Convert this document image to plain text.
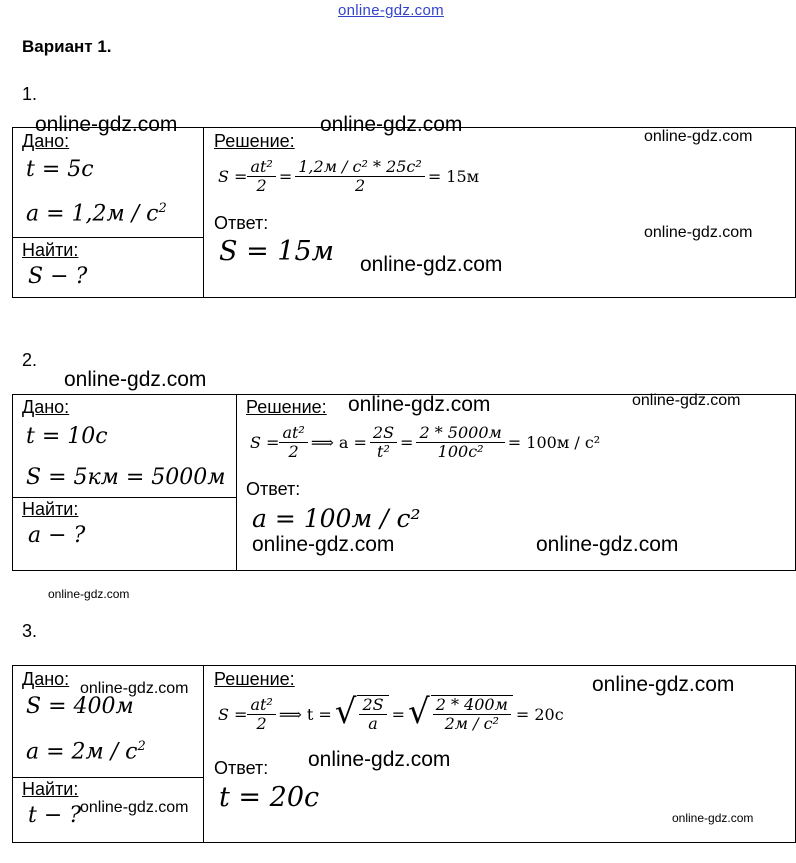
online-gdz.com
Вариант 1.
1.
Дано:
t = 5c
$a = 1,2м / c^2$
Найти:
S − ?
Решение:
$S = \frac{\text{at²}}{2} = \frac{\text{1,2м / c² * 25c²}}{2} = 15м$
Ответ:
S = 15м
online-gdz.com	online-gdz.com
online-gdz.com
online-gdz.com
online-gdz.com
2.
Дано:
t = 10c
S = 5км = 5000м
Найти:
a − ?
Решение:
$S = \frac{\text{at²}}{2}$ ⟹ $a = \frac{2S}{\text{t²}} = \frac{2 * 5000м}{\text{100c²}} = 100м / c^2$
Ответ:
a = 100м / c²
online-gdz.com
online-gdz.com	online-gdz.com
online-gdz.com	online-gdz.com
online-gdz.com
3.
Дано:
S = 400м
$a = 2м / c^2$
Найти:
t − ?
Решение:
$S = \frac{\text{at²}}{2}$ ⟹ t = √ $\frac{2S}{a}$ = √ $\frac{2 * 400м}{\text{2м / c²}} = 20c$
Ответ:
t = 20c
online-gdz.com	online-gdz.com
online-gdz.com
online-gdz.com
online-gdz.com
